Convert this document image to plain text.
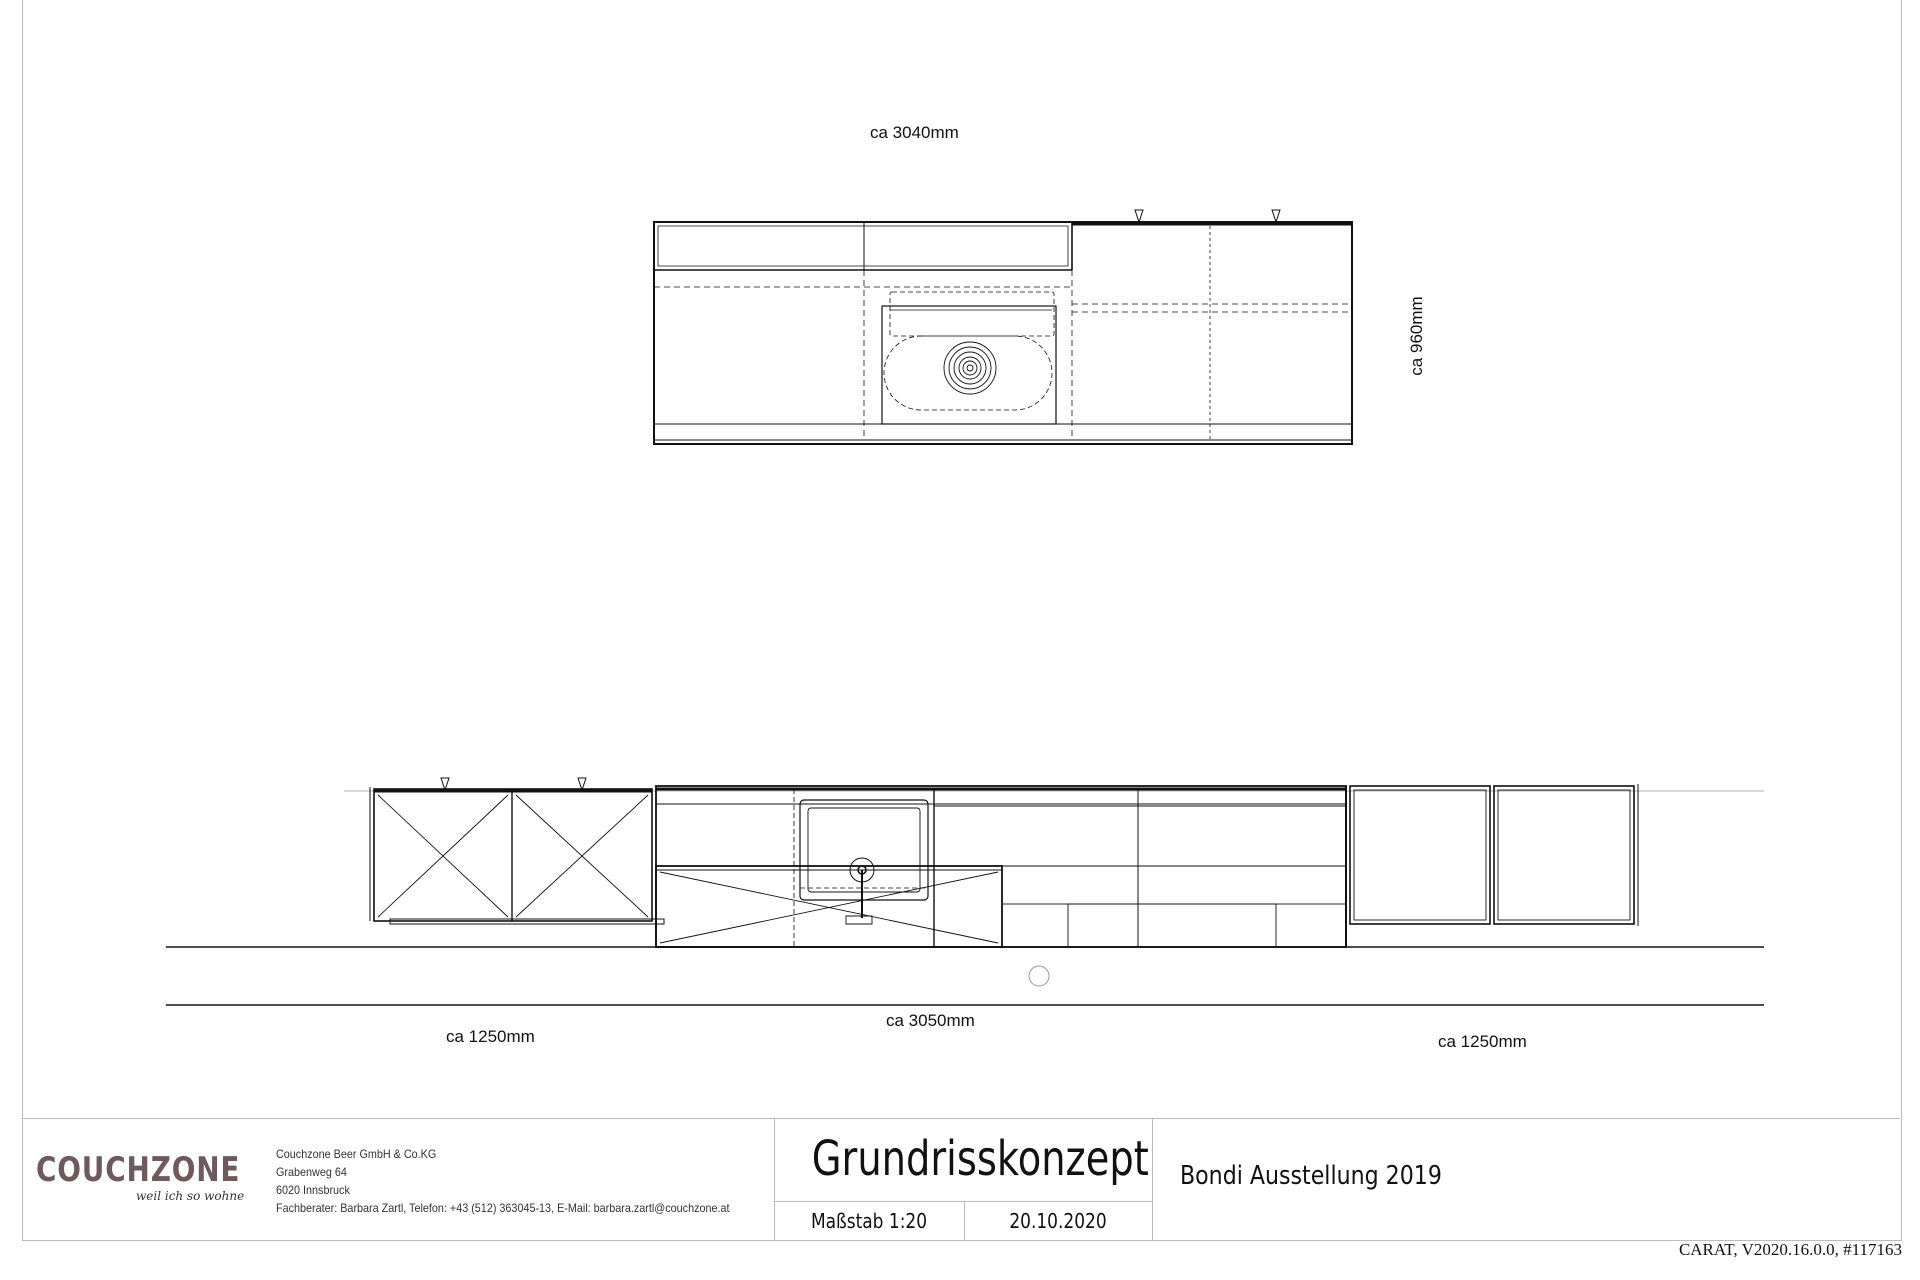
ca 3040mm
ca 960mm
ca 1250mm
ca 3050mm
ca 1250mm
COUCHZONE
weil ich so wohne
Couchzone Beer GmbH & Co.KG
Grabenweg 64
6020 Innsbruck
Fachberater: Barbara Zartl, Telefon: +43 (512) 363045-13, E-Mail: barbara.zartl@couchzone.at
Grundrisskonzept
Maßstab 1:20	20.10.2020
Bondi Ausstellung 2019
CARAT, V2020.16.0.0, #117163
